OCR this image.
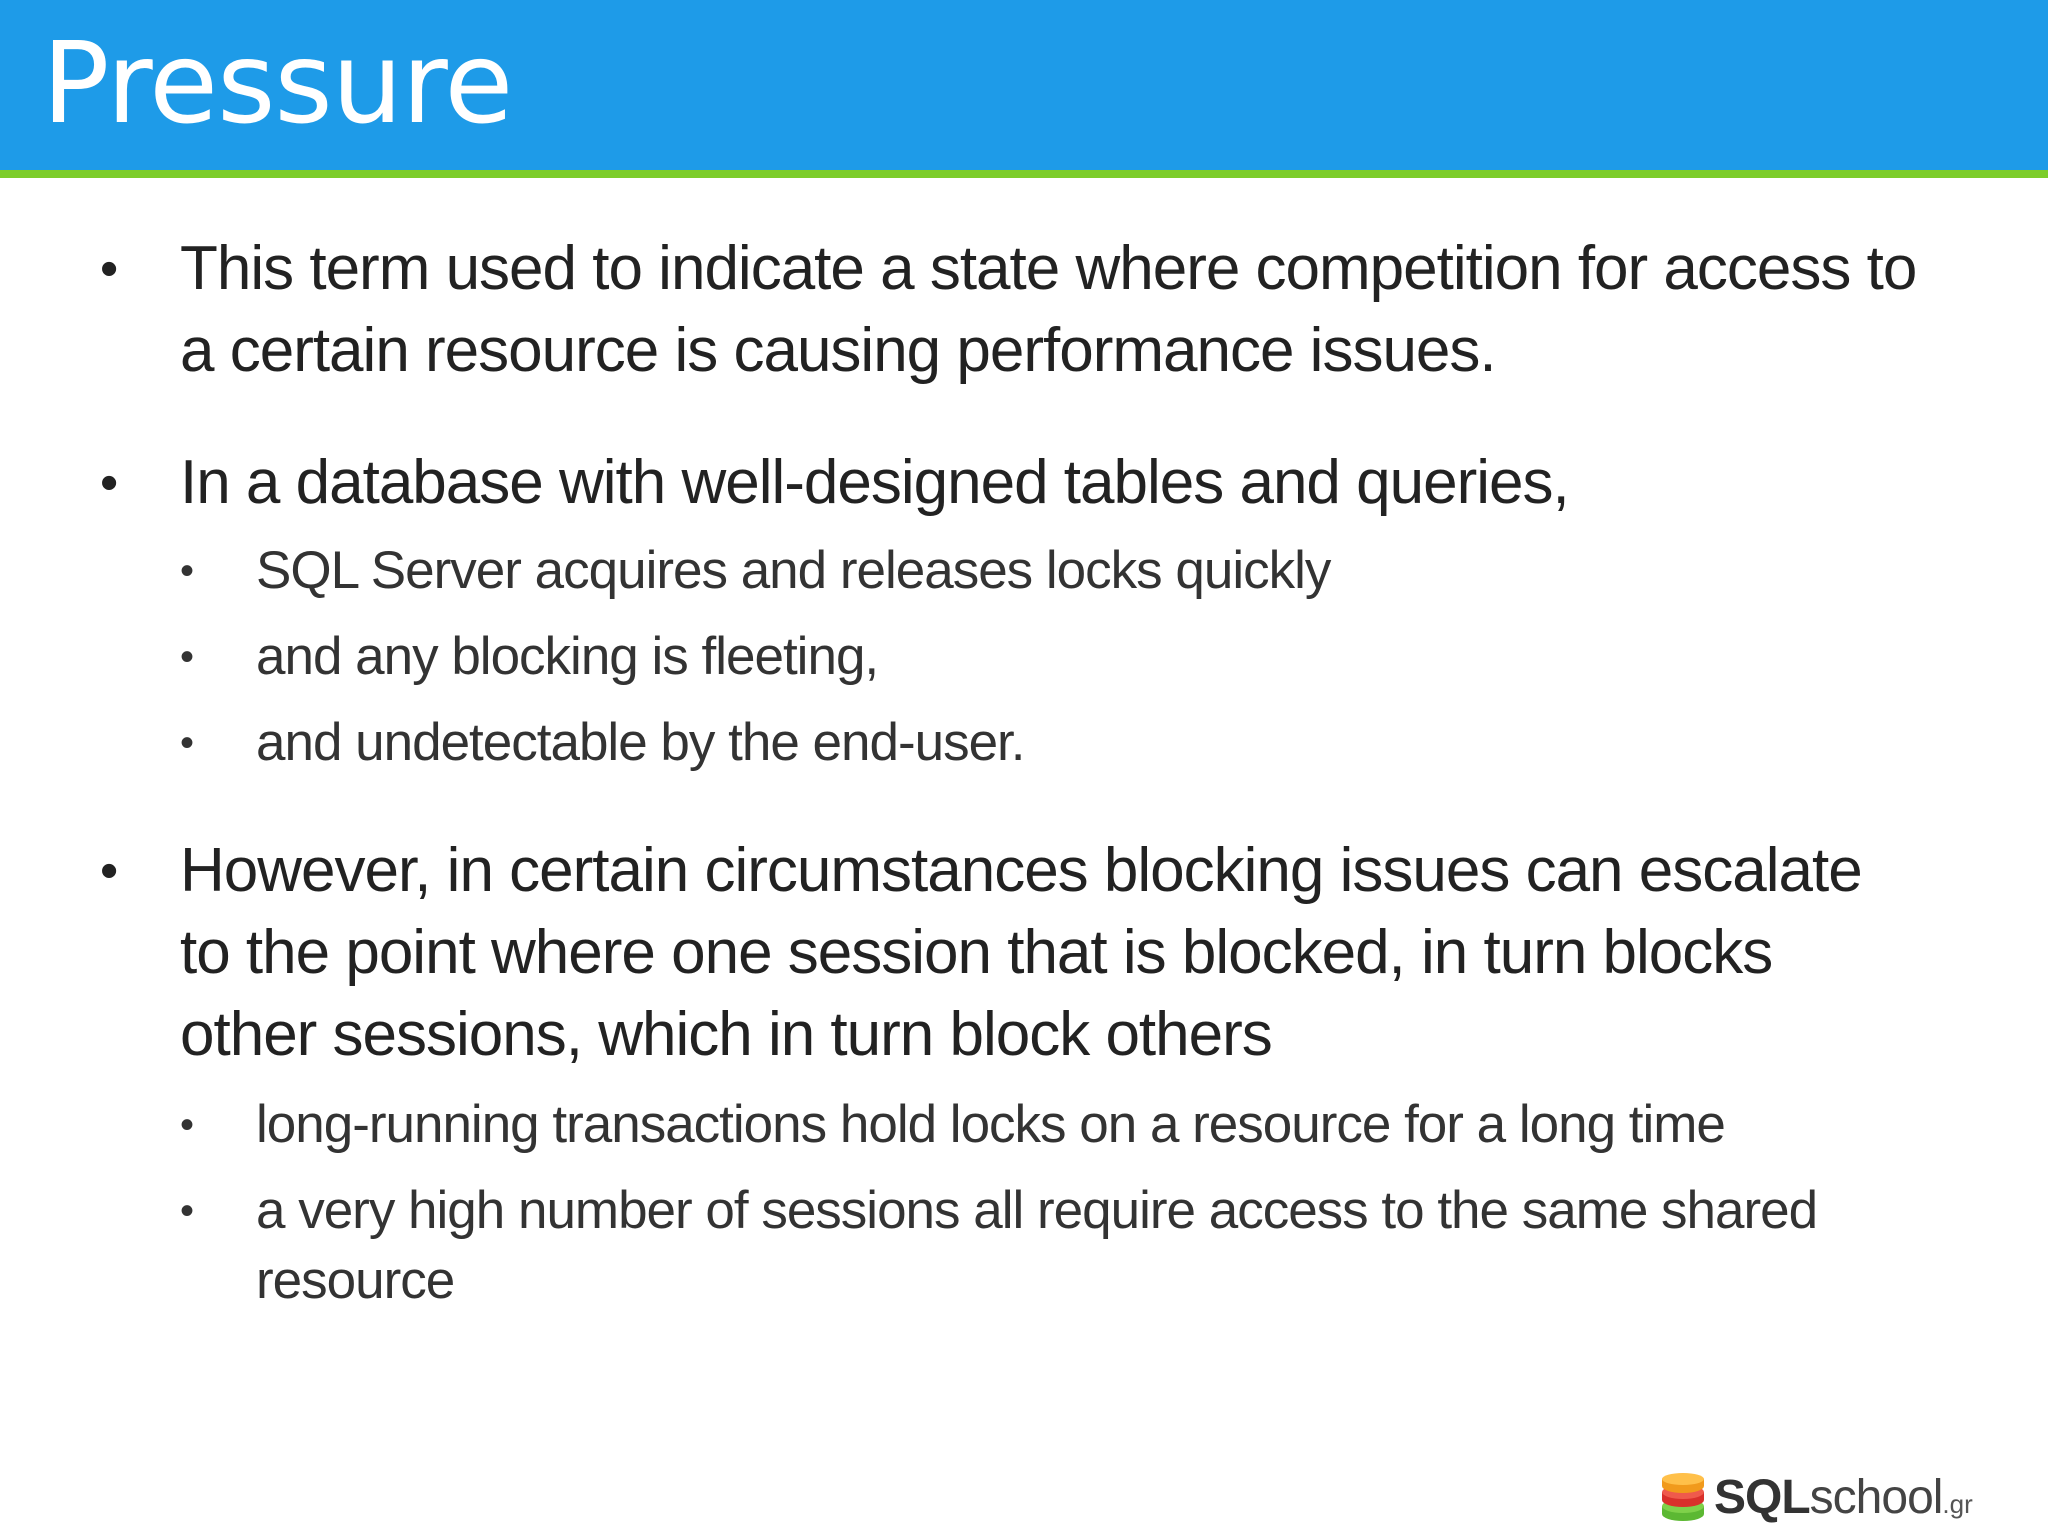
Pressure
•	This term used to indicate a state where competition for access to a certain resource is causing performance issues.
•	In a database with well-designed tables and queries,
•	SQL Server acquires and releases locks quickly
•	and any blocking is fleeting,
•	and undetectable by the end-user.
•	However, in certain circumstances blocking issues can escalate to the point where one session that is blocked, in turn blocks other sessions, which in turn block others
•	long-running transactions hold locks on a resource for a long time
•	a very high number of sessions all require access to the same shared resource
SQLschool.gr
